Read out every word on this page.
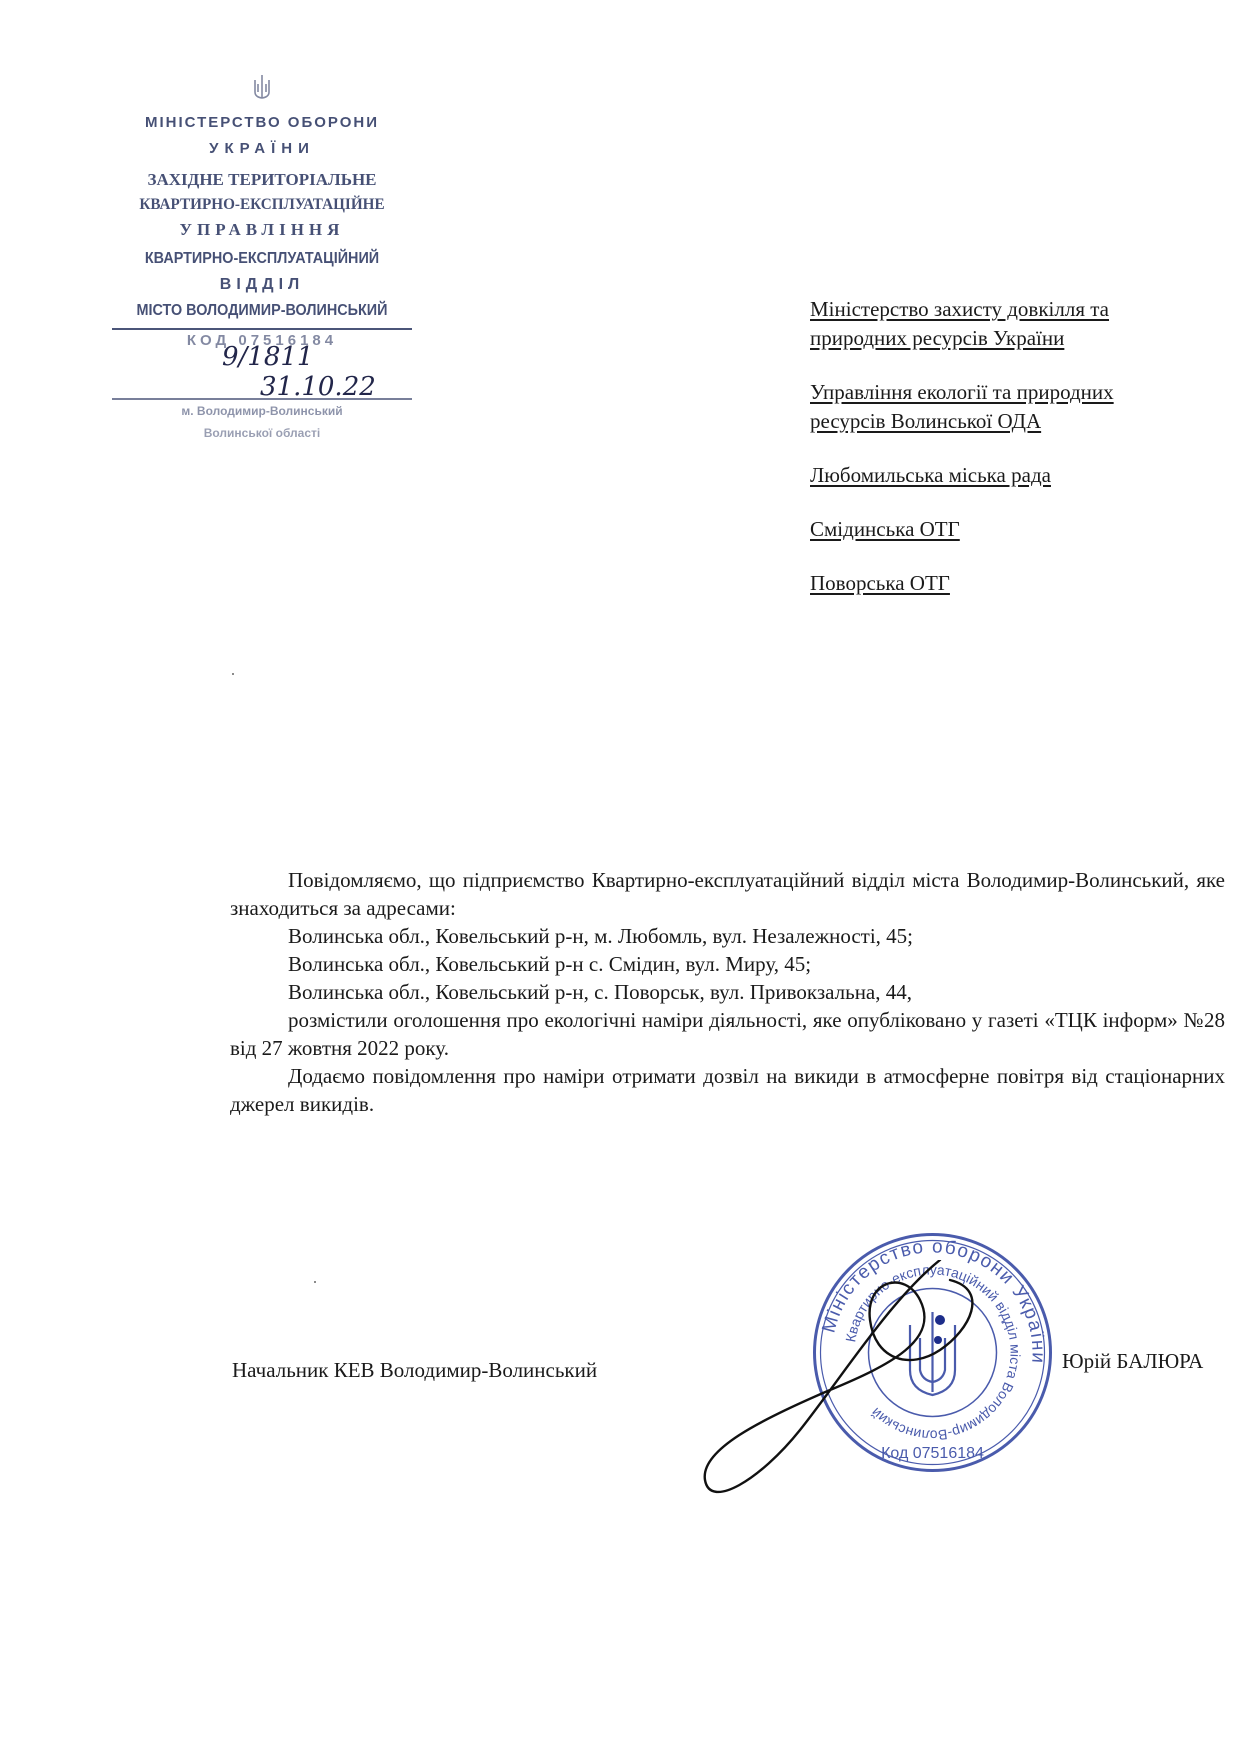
МІНІСТЕРСТВО ОБОРОНИ
УКРАЇНИ
ЗАХІДНЕ ТЕРИТОРІАЛЬНЕ
КВАРТИРНО-ЕКСПЛУАТАЦІЙНЕ
УПРАВЛІННЯ
КВАРТИРНО-ЕКСПЛУАТАЦІЙНИЙ
ВІДДІЛ
МІСТО ВОЛОДИМИР-ВОЛИНСЬКИЙ
КОД 07516184
9/1811
31.10.22
м. Володимир-Волинський
Волинської області
Міністерство захисту довкілля та
природних ресурсів України
Управління екології та природних
ресурсів Волинської ОДА
Любомильська міська рада
Смідинська ОТГ
Поворська ОТГ

Повідомляємо, що підприємство Квартирно-експлуатаційний відділ міста Володимир-Волинський, яке знаходиться за адресами:

Волинська обл., Ковельський р-н, м. Любомль, вул. Незалежності, 45;

Волинська обл., Ковельський р-н с. Смідин, вул. Миру, 45;

Волинська обл., Ковельський р-н, с. Поворськ, вул. Привокзальна, 44,

розмістили оголошення про екологічні наміри діяльності, яке опубліковано у газеті «ТЦК інформ» №28 від 27 жовтня 2022 року.

Додаємо повідомлення про наміри отримати дозвіл на викиди в атмосферне повітря від стаціонарних джерел викидів.

Начальник КЕВ Володимир-Волинський
Міністерство оборони України
Квартирно-експлуатаційний відділ міста Володимир-Волинський
Код 07516184
Юрій БАЛЮРА
